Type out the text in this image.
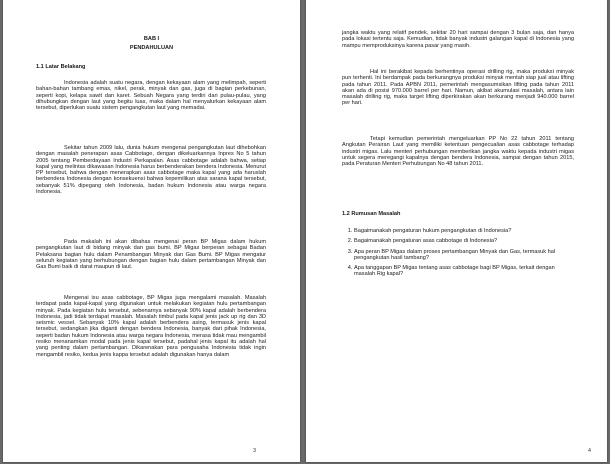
BAB I

PENDAHULUAN

1.1 Latar Belakang

Indonesia adalah suatu negara, dengan kekayaan alam yang melimpah, seperti bahan-bahan tambang emas, nikel, perak, minyak dan gas, juga di bagian perkebunan, seperti kopi, kelapa sawit dan karet. Sebuah Negara yang terdiri dari pulau-pulau, yang dihubungkan dengan laut yang begitu luas, maka dalam hal menyalurkan kekayaan alam tersebut, diperlukan suatu sistem pengangkutan laut yang memadai.

Sekitar tahun 2009 lalu, dunia hukum mengenai pengangkutan laut dihebohkan dengan masalah penerapan asas Cabbotage, dengan dikeluarkannya Inpres No 5 tahun 2005 tentang Pemberdayaan Industri Perkapalan. Asas cabbotage adalah bahwa, setiap kapal yang melintas dikawasan Indonesia harus berbenderakan bendera Indonesia. Menurut PP tersebut, bahwa dengan menerapkan asas cabbotage maka kapal yang ada haruslah berbendera Indonesia dengan konsekuensi bahwa kepemilikan atas sarana kapal tersebut, sebanyak 51% dipegang oleh Indonesia, badan hukum Indonesia atau warga negara Indonesia.

Pada makalah ini akan dibahas mengenai peran BP Migas dalam hukum pengangkutan laut di bidang minyak dan gas bumi. BP Migas berperan sebagai Badan Pelaksana bagian hulu dalam Penambangan Minyak dan Gas Bumi. BP Migas mengatur seluruh kegiatan yang berhubungan dengan bagian hulu dalam pertambangan Minyak dan Gas Bumi baik di darat maupun di laut.

Mengenai isu asas cabbotage, BP Migas juga mengalami masalah. Masalah terdapat pada kapal-kapal yang digunakan untuk melakukan kegiatan hulu pertambangan minyak. Pada kegiatan hulu tersebut, sebenarnya sebanyak 90% kapal adalah berbendera Indonesia, jadi tidak terdapat masalah. Masalah timbul pada kapal jenis jack up rig dan 3D seismic vessel. Sebanyak 10% kapal adalah berbendera asing, termasuk jenis kapal tersebut, sedangkan jika diganti dengan bendera Indonesia, banyak dari pihak Indonesia, seperti badan hukum Indonesia atau warga negara Indonesia, merasa tidak mau mengambil resiko menanamkan modal pada jenis kapal tersebut, padahal jenis kapal itu adalah hal yang penting dalam pertambangan. Dikarenakan para pengusaha Indonesia tidak ingin mengambil resiko, kedua jenis kappa tersebut adalah digunakan hanya dalam

3

jangka waktu yang relatif pendek, sekitar 20 hari sampai dengan 3 bulan saja, dan hanya pada lokasi tertentu saja. Kemudian, tidak banyak industri galangan kapal di Indonesia yang mampu memproduksinya karena pasar yang masih.

Hal ini berakibat kepada berhentinya operasi drilling rig, maka produksi minyak pun terhenti. Ini berdampak pada berkurangnya produksi minyak mentah siap jual atau lifting pada tahun 2011. Pada APBN 2011, pemerintah mengasumsikan lifting pada tahun 2011 akan ada di posisi 970.000 barrel per hari. Namun, akibat akumulasi masalah, antara lain masalah drilling rig, maka target lifting diperkirakan akan berkurang menjadi 940.000 barrel per hari.

Tetapi kemudian pemerintah mengeluarkan PP No 22 tahun 2011 tentang Angkutan Perairan Laut yang memiliki ketentuan pengecualian asas cabbotage terhadap industri migas. Lalu menteri perhubungan memberikan jangka waktu kepada industri migas untuk segera meregangi kapalnya dengan bendera Indonesia, sampai dengan tahun 2015, pada Peraturan Menteri Perhubungan No 48 tahun 2011.

1.2 Rumusan Masalah

1. Bagaimanakah pengaturan hukum pengangkutan di Indonesia?
2. Bagaimanakah pengaturan asas cabbotage di Indonesia?
3. Apa peran BP Migas dalam proses pertambangan Minyak dan Gas, termasuk hal pengangkutan hasil tambang?
4. Apa tanggapan BP Migas tentang asas cabbotage bagi BP Migas, terkait dengan masalah Rig kapal?
4
